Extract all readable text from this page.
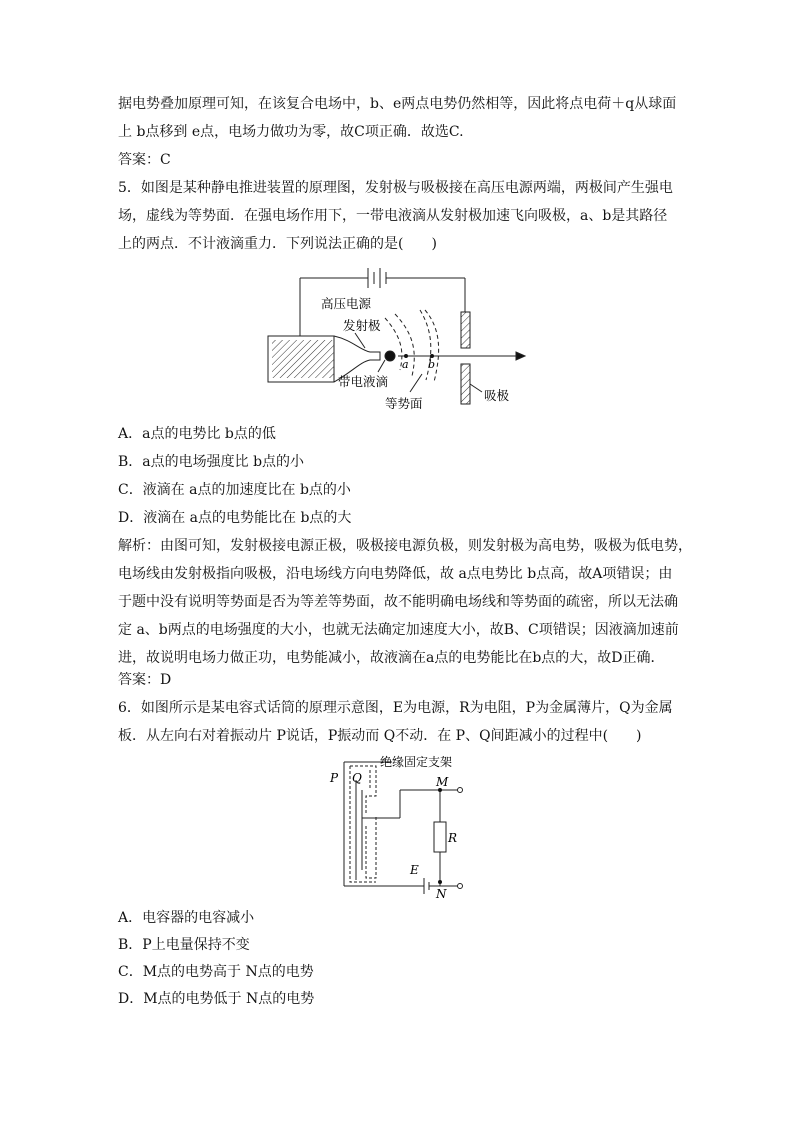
据电势叠加原理可知，在该复合电场中，b、e两点电势仍然相等，因此将点电荷＋q从球面
上 b点移到 e点，电场力做功为零，故C项正确．故选C.
答案：C
5．如图是某种静电推进装置的原理图，发射极与吸极接在高压电源两端，两极间产生强电
场，虚线为等势面．在强电场作用下，一带电液滴从发射极加速飞向吸极，a、b是其路径
上的两点．不计液滴重力．下列说法正确的是(　　)
高压电源
发射极
带电液滴
等势面
吸极
a b
A．a点的电势比 b点的低
B．a点的电场强度比 b点的小
C．液滴在 a点的加速度比在 b点的小
D．液滴在 a点的电势能比在 b点的大
解析：由图可知，发射极接电源正极，吸极接电源负极，则发射极为高电势，吸极为低电势，
电场线由发射极指向吸极，沿电场线方向电势降低，故 a点电势比 b点高，故A项错误；由
于题中没有说明等势面是否为等差等势面，故不能明确电场线和等势面的疏密，所以无法确
定 a、b两点的电场强度的大小，也就无法确定加速度大小，故B、C项错误；因液滴加速前
进，故说明电场力做正功，电势能减小，故液滴在a点的电势能比在b点的大，故D正确．
答案：D
6．如图所示是某电容式话筒的原理示意图，E为电源，R为电阻，P为金属薄片，Q为金属
板．从左向右对着振动片 P说话，P振动而 Q不动．在 P、Q间距减小的过程中(　　)
绝缘固定支架
P Q	M
R
E
N
A．电容器的电容减小
B．P上电量保持不变
C．M点的电势高于 N点的电势
D．M点的电势低于 N点的电势
